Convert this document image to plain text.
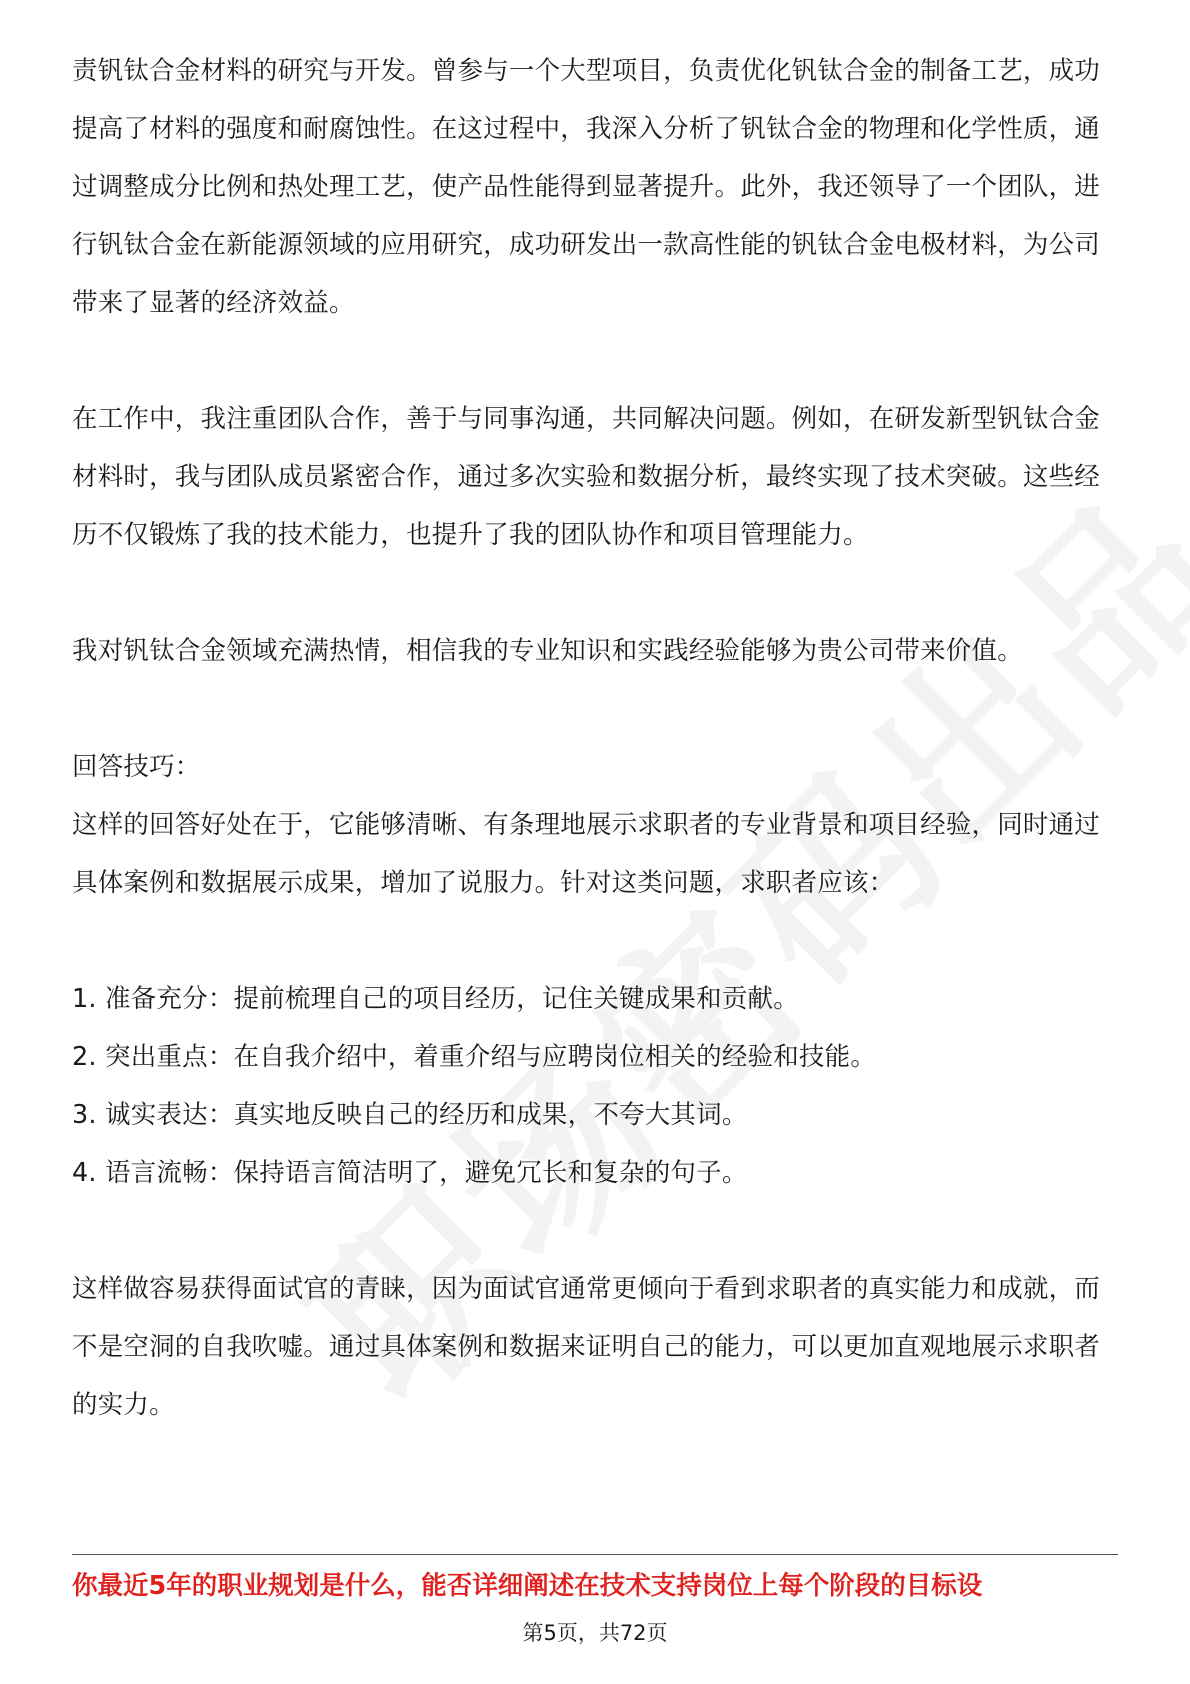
责钒钛合金材料的研究与开发。曾参与一个大型项目，负责优化钒钛合金的制备工艺，成功提高了材料的强度和耐腐蚀性。在这过程中，我深入分析了钒钛合金的物理和化学性质，通过调整成分比例和热处理工艺，使产品性能得到显著提升。此外，我还领导了一个团队，进行钒钛合金在新能源领域的应用研究，成功研发出一款高性能的钒钛合金电极材料，为公司带来了显著的经济效益。

在工作中，我注重团队合作，善于与同事沟通，共同解决问题。例如，在研发新型钒钛合金材料时，我与团队成员紧密合作，通过多次实验和数据分析，最终实现了技术突破。这些经历不仅锻炼了我的技术能力，也提升了我的团队协作和项目管理能力。

我对钒钛合金领域充满热情，相信我的专业知识和实践经验能够为贵公司带来价值。

回答技巧：

这样的回答好处在于，它能够清晰、有条理地展示求职者的专业背景和项目经验，同时通过具体案例和数据展示成果，增加了说服力。针对这类问题，求职者应该：

1. 准备充分：提前梳理自己的项目经历，记住关键成果和贡献。

2. 突出重点：在自我介绍中，着重介绍与应聘岗位相关的经验和技能。

3. 诚实表达：真实地反映自己的经历和成果，不夸大其词。

4. 语言流畅：保持语言简洁明了，避免冗长和复杂的句子。

这样做容易获得面试官的青睐，因为面试官通常更倾向于看到求职者的真实能力和成就，而不是空洞的自我吹嘘。通过具体案例和数据来证明自己的能力，可以更加直观地展示求职者的实力。

你最近5年的职业规划是什么，能否详细阐述在技术支持岗位上每个阶段的目标设
第5页，共72页
